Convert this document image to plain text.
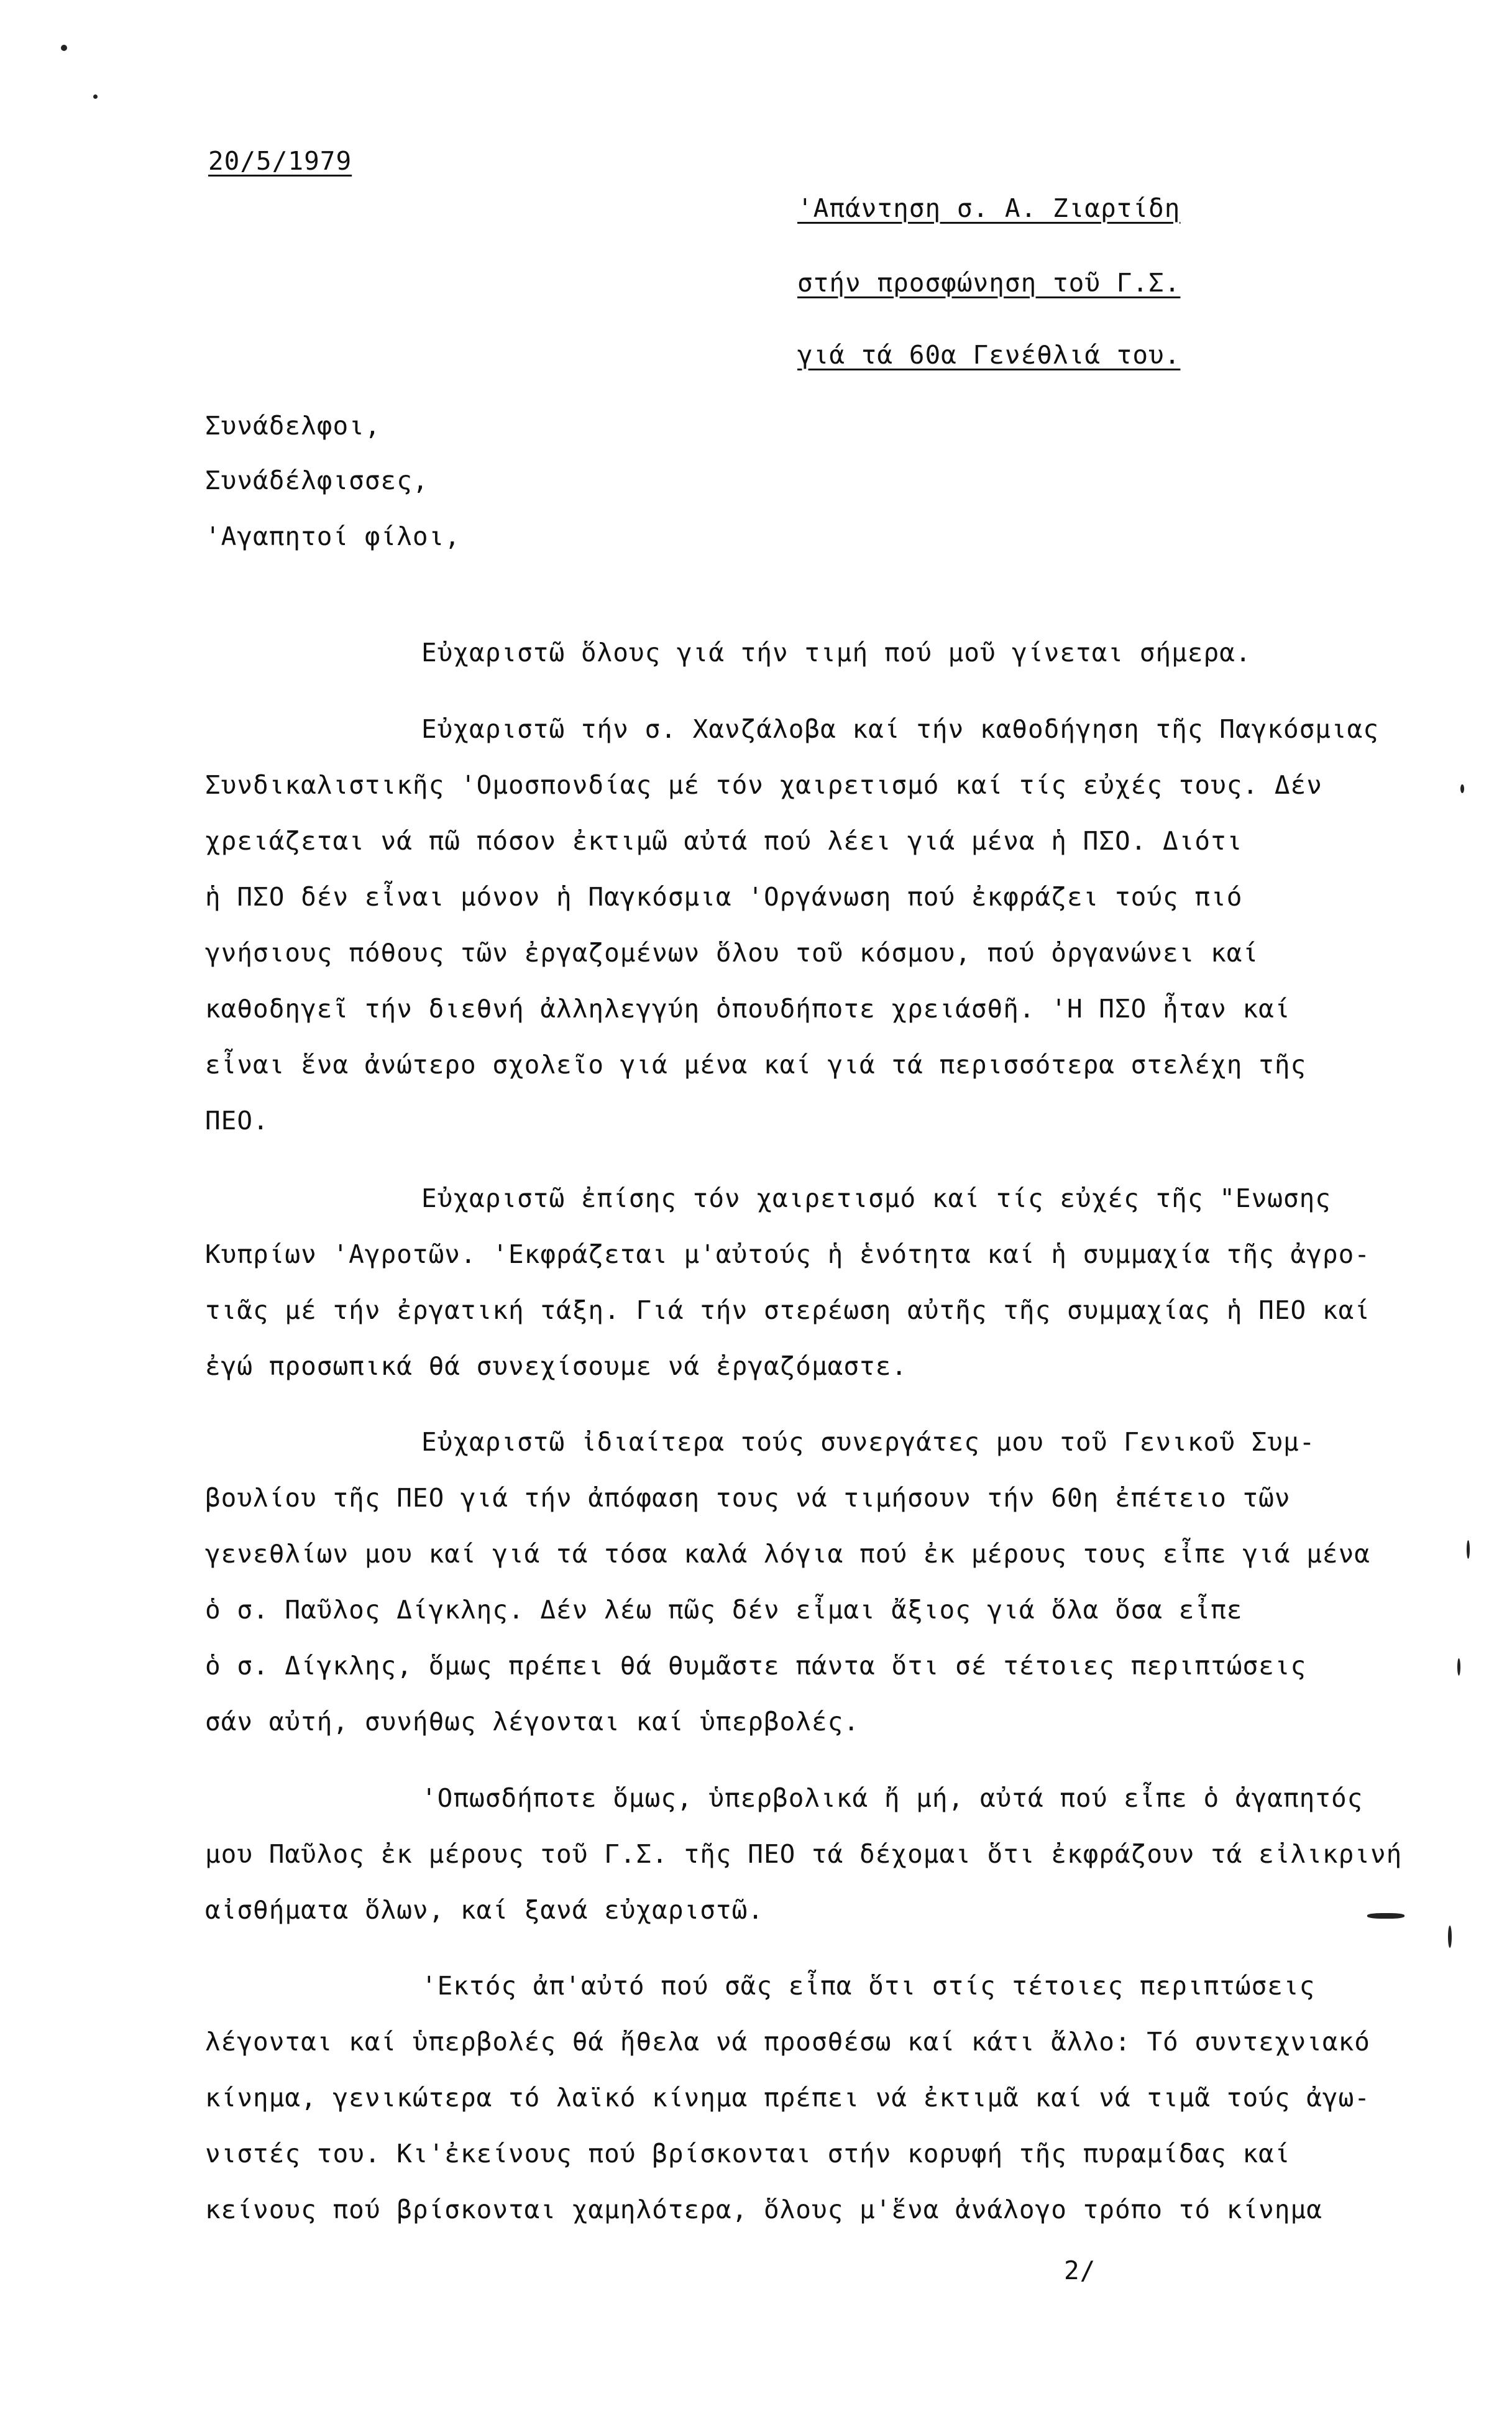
20/5/1979
'Απάντηση σ. Α. Ζιαρτίδη
στήν προσφώνηση τοῦ Γ.Σ.
γιά τά 60α Γενέθλιά του.
Συνάδελφοι,
Συνάδέλφισσες,
'Αγαπητοί φίλοι,
Εὐχαριστῶ ὅλους γιά τήν τιμή πού μοῦ γίνεται σήμερα.
Εὐχαριστῶ τήν σ. Χανζάλοβα καί τήν καθοδήγηση τῆς Παγκόσμιας
Συνδικαλιστικῆς 'Ομοσπονδίας μέ τόν χαιρετισμό καί τίς εὐχές τους. Δέν
χρειάζεται νά πῶ πόσον ἐκτιμῶ αὐτά πού λέει γιά μένα ἡ ΠΣΟ. Διότι
ἡ ΠΣΟ δέν εἶναι μόνον ἡ Παγκόσμια 'Οργάνωση πού ἐκφράζει τούς πιό
γνήσιους πόθους τῶν ἐργαζομένων ὅλου τοῦ κόσμου, πού ὀργανώνει καί
καθοδηγεῖ τήν διεθνή ἀλληλεγγύη ὁπουδήποτε χρειάσθῆ. 'Η ΠΣΟ ἦταν καί
εἶναι ἕνα ἀνώτερο σχολεῖο γιά μένα καί γιά τά περισσότερα στελέχη τῆς
ΠΕΟ.
Εὐχαριστῶ ἐπίσης τόν χαιρετισμό καί τίς εὐχές τῆς "Ενωσης
Κυπρίων 'Αγροτῶν. 'Εκφράζεται μ'αὐτούς ἡ ἑνότητα καί ἡ συμμαχία τῆς ἀγρο-
τιᾶς μέ τήν ἐργατική τάξη. Γιά τήν στερέωση αὐτῆς τῆς συμμαχίας ἡ ΠΕΟ καί
ἐγώ προσωπικά θά συνεχίσουμε νά ἐργαζόμαστε.
Εὐχαριστῶ ἰδιαίτερα τούς συνεργάτες μου τοῦ Γενικοῦ Συμ-
βουλίου τῆς ΠΕΟ γιά τήν ἀπόφαση τους νά τιμήσουν τήν 60η ἐπέτειο τῶν
γενεθλίων μου καί γιά τά τόσα καλά λόγια πού ἐκ μέρους τους εἶπε γιά μένα
ὁ σ. Παῦλος Δίγκλης. Δέν λέω πῶς δέν εἶμαι ἄξιος γιά ὅλα ὅσα εἶπε
ὁ σ. Δίγκλης, ὅμως πρέπει θά θυμᾶστε πάντα ὅτι σέ τέτοιες περιπτώσεις
σάν αὐτή, συνήθως λέγονται καί ὑπερβολές.
'Οπωσδήποτε ὅμως, ὑπερβολικά ἤ μή, αὐτά πού εἶπε ὁ ἀγαπητός
μου Παῦλος ἐκ μέρους τοῦ Γ.Σ. τῆς ΠΕΟ τά δέχομαι ὅτι ἐκφράζουν τά εἰλικρινή
αἰσθήματα ὅλων, καί ξανά εὐχαριστῶ.
'Εκτός ἀπ'αὐτό πού σᾶς εἶπα ὅτι στίς τέτοιες περιπτώσεις
λέγονται καί ὑπερβολές θά ἤθελα νά προσθέσω καί κάτι ἄλλο: Τό συντεχνιακό
κίνημα, γενικώτερα τό λαϊκό κίνημα πρέπει νά ἐκτιμᾶ καί νά τιμᾶ τούς ἀγω-
νιστές του. Κι'ἐκείνους πού βρίσκονται στήν κορυφή τῆς πυραμίδας καί
κείνους πού βρίσκονται χαμηλότερα, ὅλους μ'ἕνα ἀνάλογο τρόπο τό κίνημα
2/
